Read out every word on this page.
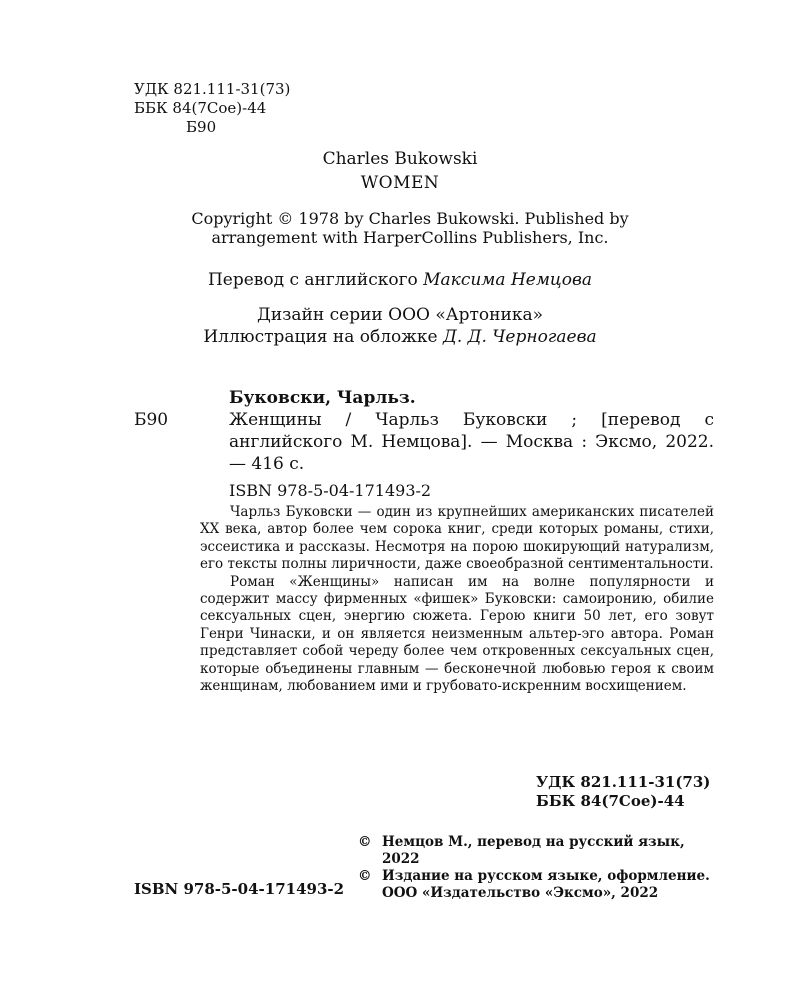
УДК 821.111-31(73)
ББК 84(7Сое)-44
Б90
Charles Bukowski
WOMEN
Copyright © 1978 by Charles Bukowski. Published by arrangement with HarperCollins Publishers, Inc.
Перевод с английского Максима Немцова
Дизайн серии ООО «Артоника»
Иллюстрация на обложке Д. Д. Черногаева
Буковски, Чарльз.
Б90	Женщины / Чарльз Буковски ; [перевод с английского М. Немцова]. — Москва : Эксмо, 2022. — 416 с.
ISBN 978-5-04-171493-2

Чарльз Буковски — один из крупнейших американских писателей XX века, автор более чем сорока книг, среди которых романы, стихи, эссеистика и рассказы. Несмотря на порою шокирующий натурализм, его тексты полны лиричности, даже своеобразной сентиментальности.

Роман «Женщины» написан им на волне популярности и содержит массу фирменных «фишек» Буковски: самоиронию, обилие сексуальных сцен, энергию сюжета. Герою книги 50 лет, его зовут Генри Чинаски, и он является неизменным альтер-эго автора. Роман представляет собой череду более чем откровенных сексуальных сцен, которые объединены главным — бесконечной любовью героя к своим женщинам, любованием ими и грубовато-искренним восхищением.

УДК 821.111-31(73)
ББК 84(7Сое)-44
© Немцов М., перевод на русский язык, 2022
© Издание на русском языке, оформление. ООО «Издательство «Эксмо», 2022
ISBN 978-5-04-171493-2
